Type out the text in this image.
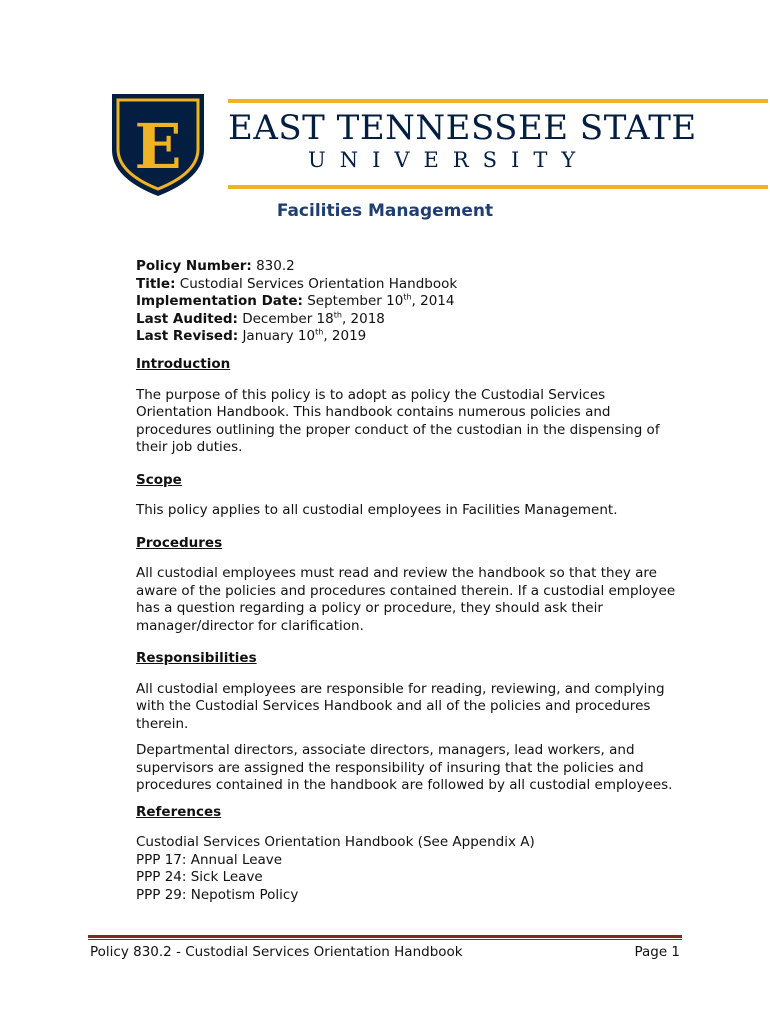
E EAST TENNESSEE STATE
UNIVERSITY
Facilities Management
Policy Number: 830.2
Title: Custodial Services Orientation Handbook
Implementation Date: September 10th, 2014
Last Audited: December 18th, 2018
Last Revised: January 10th, 2019

Introduction

The purpose of this policy is to adopt as policy the Custodial Services Orientation Handbook. This handbook contains numerous policies and procedures outlining the proper conduct of the custodian in the dispensing of their job duties.

Scope

This policy applies to all custodial employees in Facilities Management.

Procedures

All custodial employees must read and review the handbook so that they are aware of the policies and procedures contained therein. If a custodial employee has a question regarding a policy or procedure, they should ask their manager/director for clarification.

Responsibilities

All custodial employees are responsible for reading, reviewing, and complying with the Custodial Services Handbook and all of the policies and procedures therein.

Departmental directors, associate directors, managers, lead workers, and supervisors are assigned the responsibility of insuring that the policies and procedures contained in the handbook are followed by all custodial employees.

References

Custodial Services Orientation Handbook (See Appendix A)
PPP 17: Annual Leave
PPP 24: Sick Leave
PPP 29: Nepotism Policy
Policy 830.2 - Custodial Services Orientation Handbook	Page 1
